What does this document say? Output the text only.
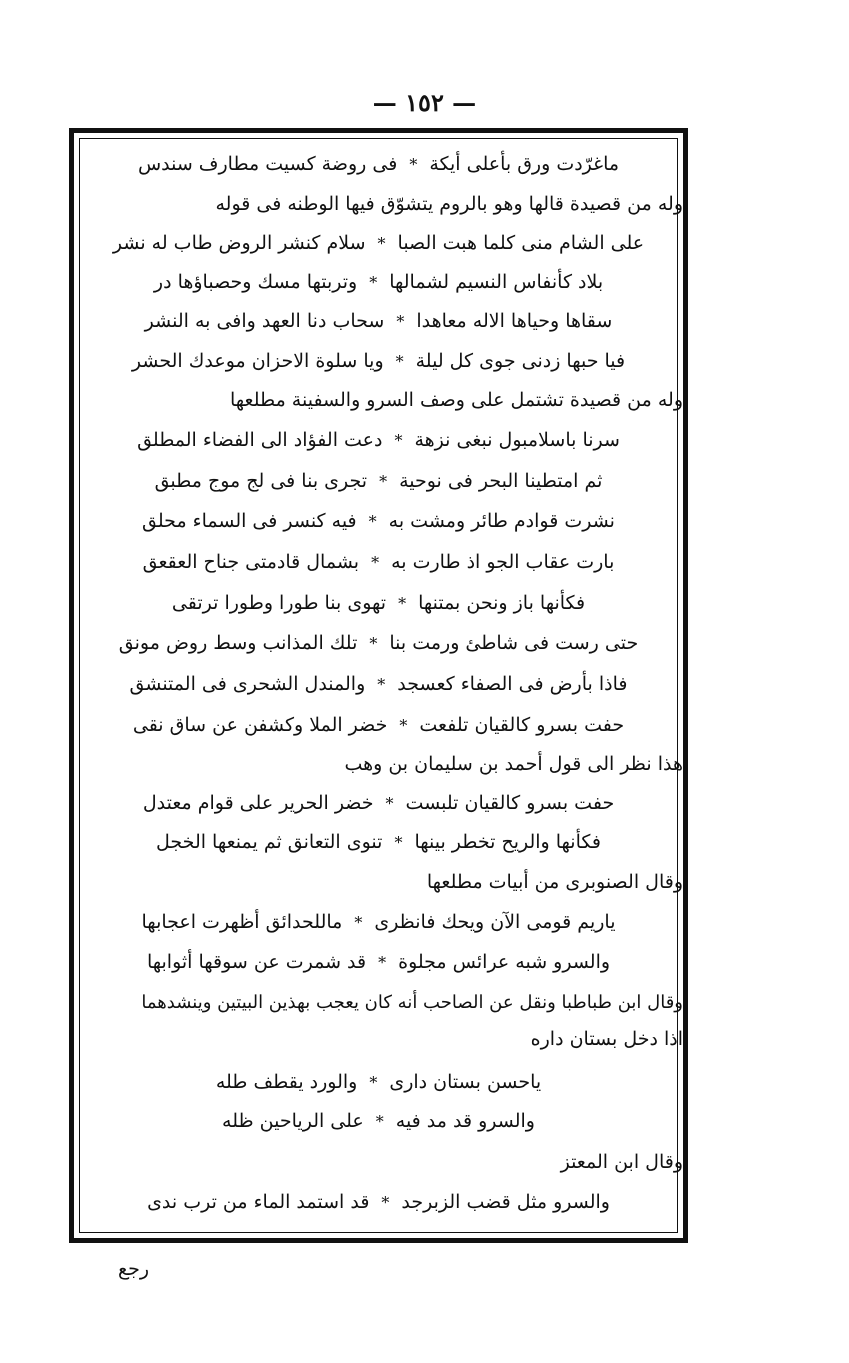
— ١٥٢ —
ماغرّدت ورق بأعلى أيكة
*
فى روضة كسيت مطارف سندس
وله من قصيدة قالها وهو بالروم يتشوّق فيها الوطنه فى قوله
على الشام منى كلما هبت الصبا
*
سلام كنشر الروض طاب له نشر
بلاد كأنفاس النسيم لشمالها
*
وتربتها مسك وحصباؤها در
سقاها وحياها الاله معاهدا
*
سحاب دنا العهد وافى به النشر
فيا حبها زدنى جوى كل ليلة
*
ويا سلوة الاحزان موعدك الحشر
وله من قصيدة تشتمل على وصف السرو والسفينة مطلعها
سرنا باسلامبول نبغى نزهة
*
دعت الفؤاد الى الفضاء المطلق
ثم امتطينا البحر فى نوحية
*
تجرى بنا فى لج موج مطبق
نشرت قوادم طائر ومشت به
*
فيه كنسر فى السماء محلق
بارت عقاب الجو اذ طارت به
*
بشمال قادمتى جناح العقعق
فكأنها باز ونحن بمتنها
*
تهوى بنا طورا وطورا ترتقى
حتى رست فى شاطئ ورمت بنا
*
تلك المذانب وسط روض مونق
فاذا بأرض فى الصفاء كعسجد
*
والمندل الشحرى فى المتنشق
حفت بسرو كالقيان تلفعت
*
خضر الملا وكشفن عن ساق نقى
هذا نظر الى قول أحمد بن سليمان بن وهب
حفت بسرو كالقيان تلبست
*
خضر الحرير على قوام معتدل
فكأنها والريح تخطر بينها
*
تنوى التعانق ثم يمنعها الخجل
وقال الصنوبرى من أبيات مطلعها
ياريم قومى الآن ويحك فانظرى
*
ماللحدائق أظهرت اعجابها
والسرو شبه عرائس مجلوة
*
قد شمرت عن سوقها أثوابها
وقال ابن طباطبا ونقل عن الصاحب أنه كان يعجب بهذين البيتين وينشدهما
اذا دخل بستان داره
ياحسن بستان دارى
*
والورد يقطف طله
والسرو قد مد فيه
*
على الرياحين ظله
وقال ابن المعتز
والسرو مثل قضب الزبرجد
*
قد استمد الماء من ترب ندى
رجع
